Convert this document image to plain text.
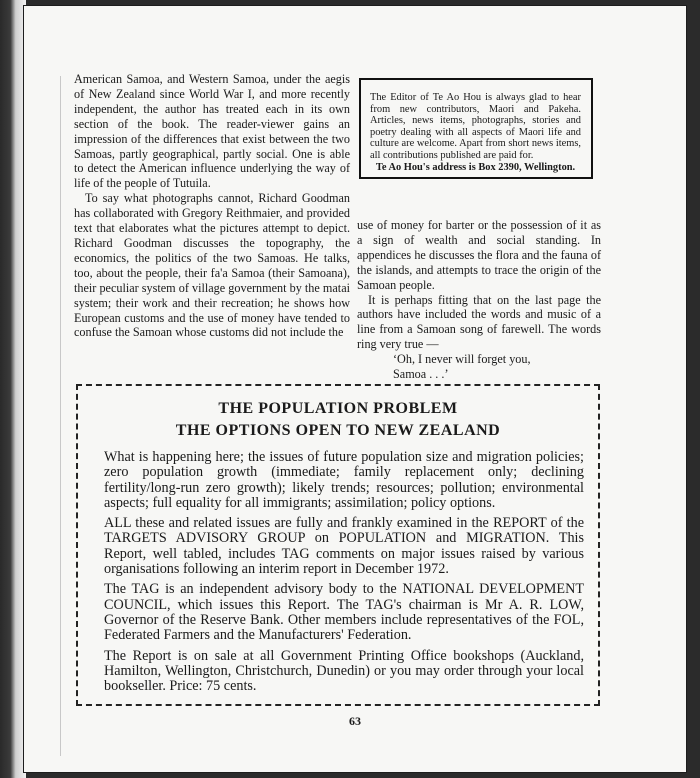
American Samoa, and Western Samoa, under the aegis of New Zealand since World War I, and more recently independent, the author has treated each in its own section of the book. The reader-viewer gains an impression of the differences that exist between the two Samoas, partly geographical, partly social. One is able to detect the American influence underlying the way of life of the people of Tutuila.

To say what photographs cannot, Richard Goodman has collaborated with Gregory Reithmaier, and provided text that elaborates what the pictures attempt to depict. Richard Goodman discusses the topography, the economics, the politics of the two Samoas. He talks, too, about the people, their fa'a Samoa (their Samoana), their peculiar system of village government by the matai system; their work and their recreation; he shows how European customs and the use of money have tended to confuse the Samoan whose customs did not include the

The Editor of Te Ao Hou is always glad to hear from new contributors, Maori and Pakeha. Articles, news items, photographs, stories and poetry dealing with all aspects of Maori life and culture are welcome. Apart from short news items, all contributions published are paid for.

Te Ao Hou's address is Box 2390, Wellington.

use of money for barter or the possession of it as a sign of wealth and social standing. In appendices he discusses the flora and the fauna of the islands, and attempts to trace the origin of the Samoan people.

It is perhaps fitting that on the last page the authors have included the words and music of a line from a Samoan song of farewell. The words ring very true —

‘Oh, I never will forget you,
Samoa . . .’
THE POPULATION PROBLEM
THE OPTIONS OPEN TO NEW ZEALAND

What is happening here; the issues of future population size and migration policies; zero population growth (immediate; family replacement only; declining fertility/long-run zero growth); likely trends; resources; pollution; environmental aspects; full equality for all immigrants; assimilation; policy options.

ALL these and related issues are fully and frankly examined in the REPORT of the TARGETS ADVISORY GROUP on POPULATION and MIGRATION. This Report, well tabled, includes TAG comments on major issues raised by various organisations following an interim report in December 1972.

The TAG is an independent advisory body to the NATIONAL DEVELOPMENT COUNCIL, which issues this Report. The TAG's chairman is Mr A. R. LOW, Governor of the Reserve Bank. Other members include representatives of the FOL, Federated Farmers and the Manufacturers' Federation.

The Report is on sale at all Government Printing Office bookshops (Auckland, Hamilton, Wellington, Christchurch, Dunedin) or you may order through your local bookseller. Price: 75 cents.

63
